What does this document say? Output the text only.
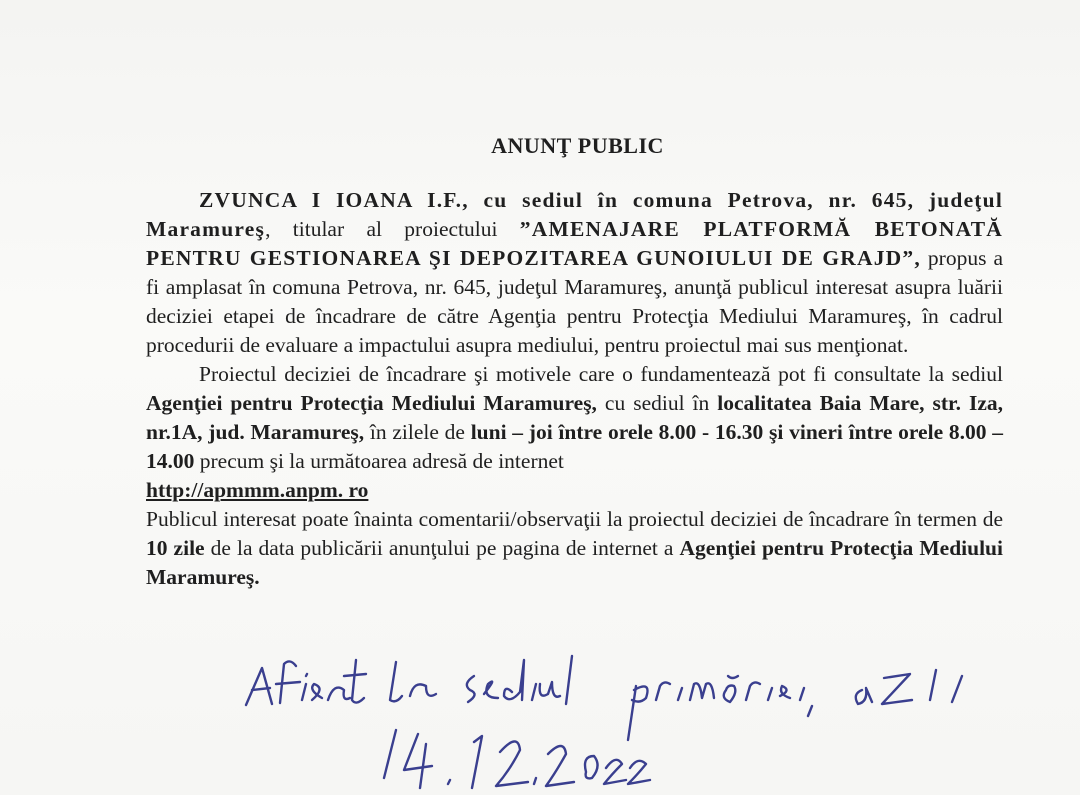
ANUNŢ PUBLIC

ZVUNCA I IOANA I.F., cu sediul în comuna Petrova, nr. 645, judeţul Maramureş, titular al proiectului ”AMENAJARE PLATFORMĂ BETONATĂ PENTRU GESTIONAREA ŞI DEPOZITAREA GUNOIULUI DE GRAJD”, propus a fi amplasat în comuna Petrova, nr. 645, judeţul Maramureş, anunţă publicul interesat asupra luării deciziei etapei de încadrare de către Agenţia pentru Protecţia Mediului Maramureş, în cadrul procedurii de evaluare a impactului asupra mediului, pentru proiectul mai sus menţionat.

Proiectul deciziei de încadrare şi motivele care o fundamentează pot fi consultate la sediul Agenţiei pentru Protecţia Mediului Maramureş, cu sediul în localitatea Baia Mare, str. Iza, nr.1A, jud. Maramureş, în zilele de luni – joi între orele 8.00 - 16.30 şi vineri între orele 8.00 – 14.00 precum şi la următoarea adresă de internet
http://apmmm.anpm. ro

Publicul interesat poate înainta comentarii/observaţii la proiectul deciziei de încadrare în termen de 10 zile de la data publicării anunţului pe pagina de internet a Agenţiei pentru Protecţia Mediului Maramureş.
